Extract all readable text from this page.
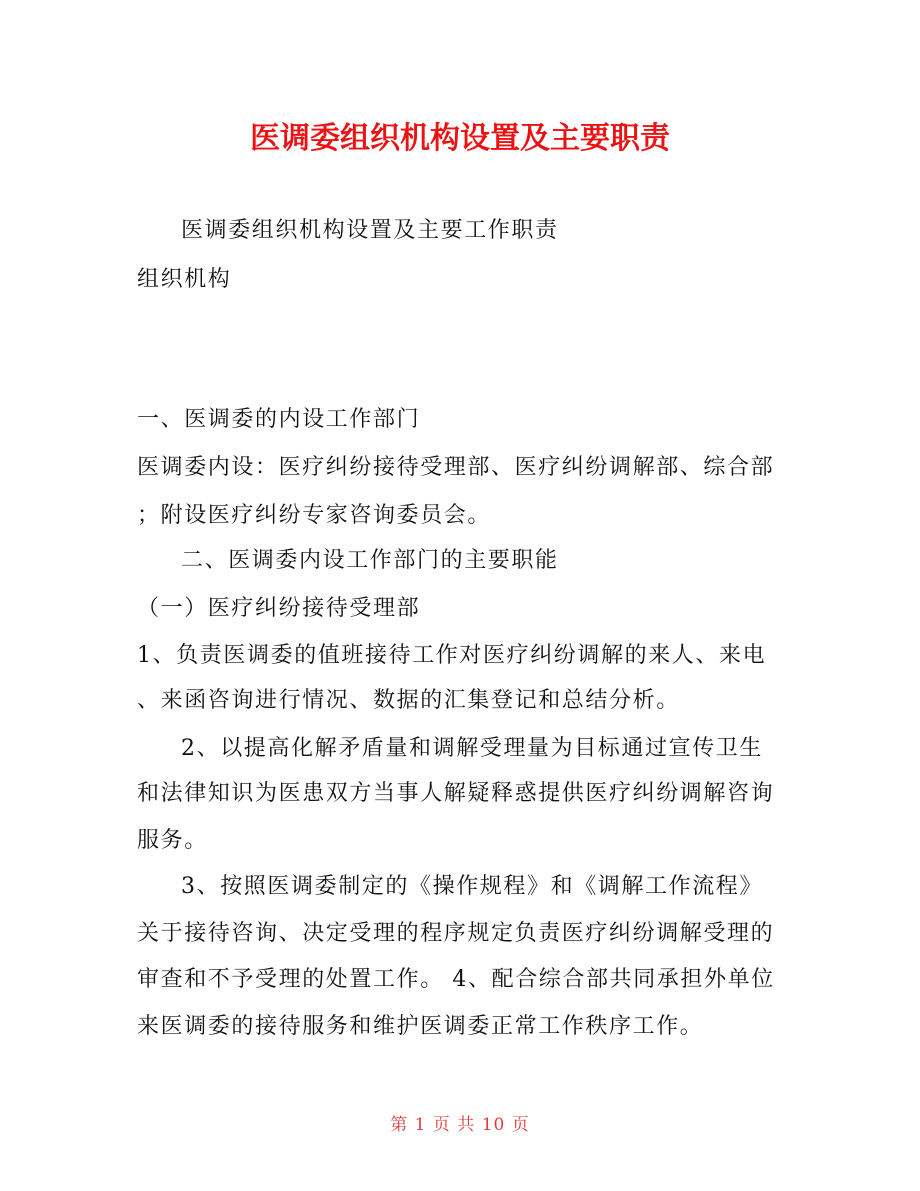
医调委组织机构设置及主要职责
医调委组织机构设置及主要工作职责
组织机构
一、医调委的内设工作部门
医调委内设：医疗纠纷接待受理部、医疗纠纷调解部、综合部
；附设医疗纠纷专家咨询委员会。
二、医调委内设工作部门的主要职能
（一）医疗纠纷接待受理部
1、负责医调委的值班接待工作对医疗纠纷调解的来人、来电
、来函咨询进行情况、数据的汇集登记和总结分析。
2、以提高化解矛盾量和调解受理量为目标通过宣传卫生
和法律知识为医患双方当事人解疑释惑提供医疗纠纷调解咨询
服务。
3、按照医调委制定的《操作规程》和《调解工作流程》
关于接待咨询、决定受理的程序规定负责医疗纠纷调解受理的
审查和不予受理的处置工作。 4、配合综合部共同承担外单位
来医调委的接待服务和维护医调委正常工作秩序工作。
第 1 页 共 10 页
